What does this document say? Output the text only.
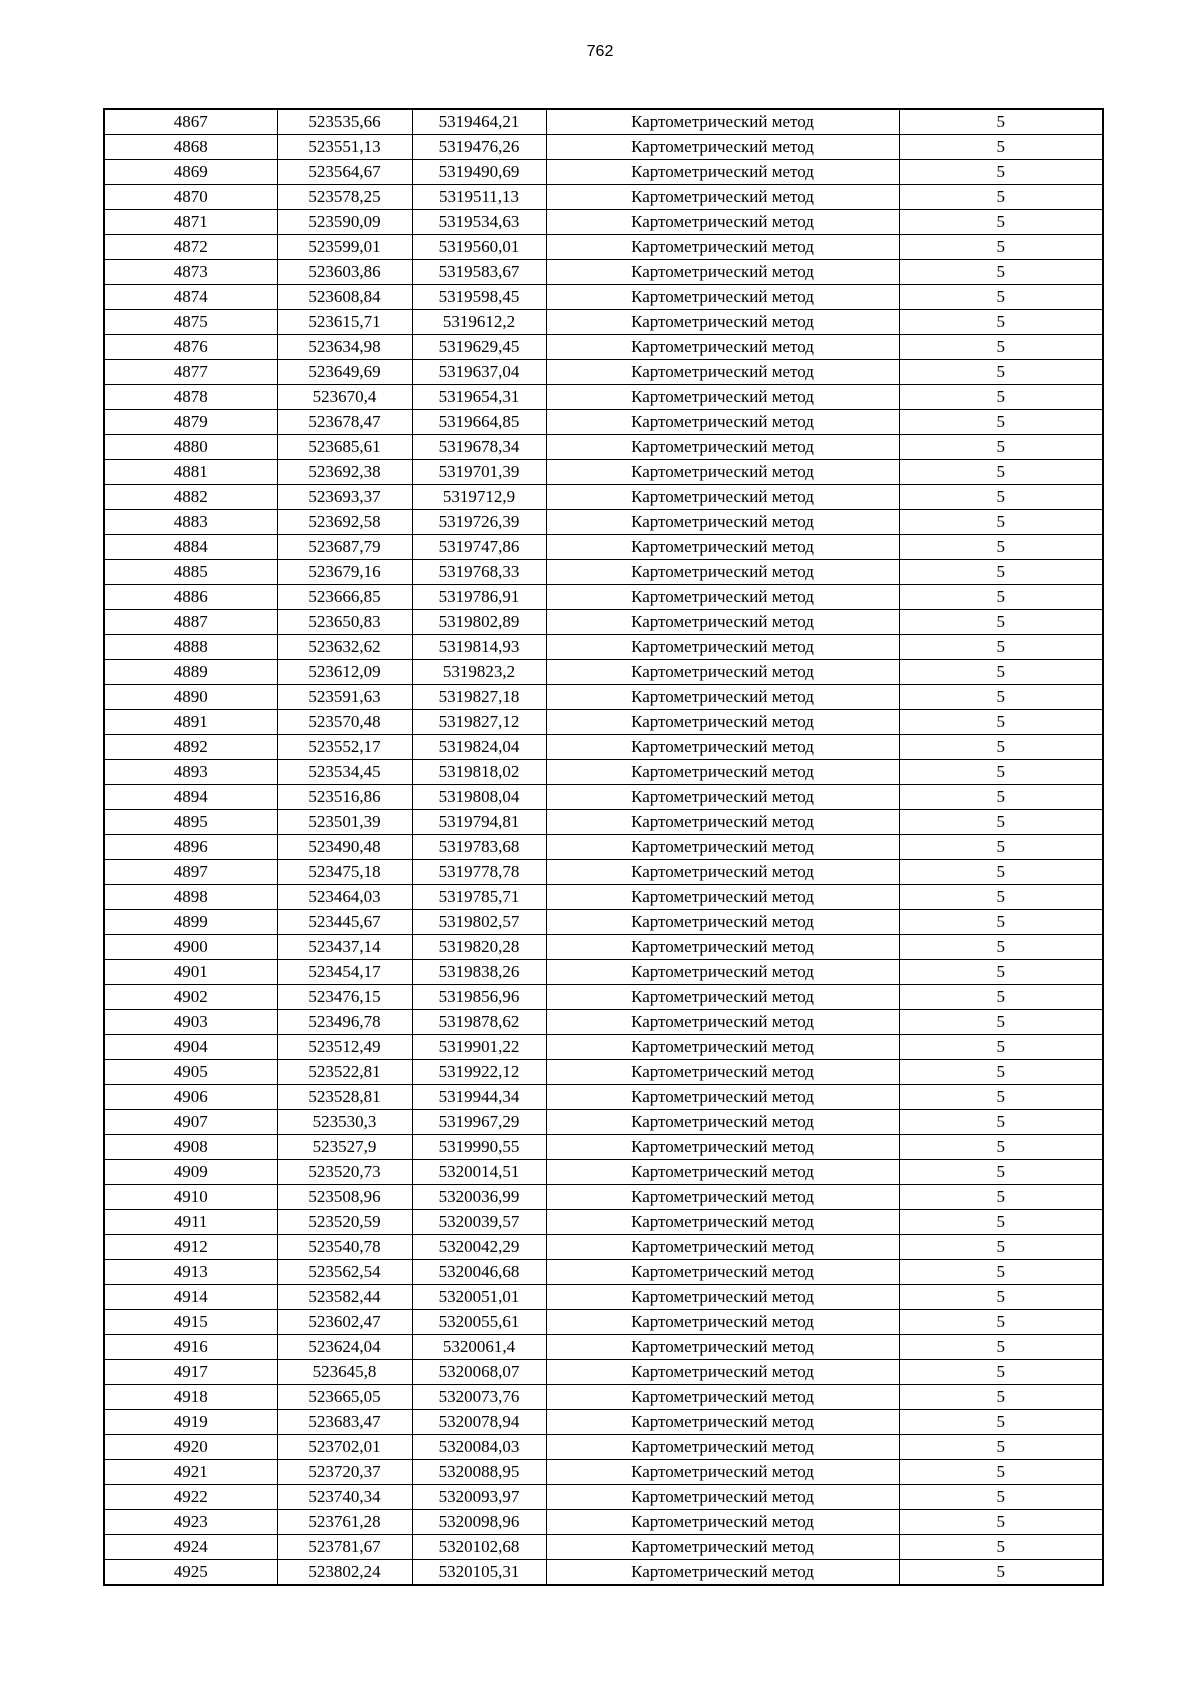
762
4867	523535,66	5319464,21	Картометрический метод	5
4868	523551,13	5319476,26	Картометрический метод	5
4869	523564,67	5319490,69	Картометрический метод	5
4870	523578,25	5319511,13	Картометрический метод	5
4871	523590,09	5319534,63	Картометрический метод	5
4872	523599,01	5319560,01	Картометрический метод	5
4873	523603,86	5319583,67	Картометрический метод	5
4874	523608,84	5319598,45	Картометрический метод	5
4875	523615,71	5319612,2	Картометрический метод	5
4876	523634,98	5319629,45	Картометрический метод	5
4877	523649,69	5319637,04	Картометрический метод	5
4878	523670,4	5319654,31	Картометрический метод	5
4879	523678,47	5319664,85	Картометрический метод	5
4880	523685,61	5319678,34	Картометрический метод	5
4881	523692,38	5319701,39	Картометрический метод	5
4882	523693,37	5319712,9	Картометрический метод	5
4883	523692,58	5319726,39	Картометрический метод	5
4884	523687,79	5319747,86	Картометрический метод	5
4885	523679,16	5319768,33	Картометрический метод	5
4886	523666,85	5319786,91	Картометрический метод	5
4887	523650,83	5319802,89	Картометрический метод	5
4888	523632,62	5319814,93	Картометрический метод	5
4889	523612,09	5319823,2	Картометрический метод	5
4890	523591,63	5319827,18	Картометрический метод	5
4891	523570,48	5319827,12	Картометрический метод	5
4892	523552,17	5319824,04	Картометрический метод	5
4893	523534,45	5319818,02	Картометрический метод	5
4894	523516,86	5319808,04	Картометрический метод	5
4895	523501,39	5319794,81	Картометрический метод	5
4896	523490,48	5319783,68	Картометрический метод	5
4897	523475,18	5319778,78	Картометрический метод	5
4898	523464,03	5319785,71	Картометрический метод	5
4899	523445,67	5319802,57	Картометрический метод	5
4900	523437,14	5319820,28	Картометрический метод	5
4901	523454,17	5319838,26	Картометрический метод	5
4902	523476,15	5319856,96	Картометрический метод	5
4903	523496,78	5319878,62	Картометрический метод	5
4904	523512,49	5319901,22	Картометрический метод	5
4905	523522,81	5319922,12	Картометрический метод	5
4906	523528,81	5319944,34	Картометрический метод	5
4907	523530,3	5319967,29	Картометрический метод	5
4908	523527,9	5319990,55	Картометрический метод	5
4909	523520,73	5320014,51	Картометрический метод	5
4910	523508,96	5320036,99	Картометрический метод	5
4911	523520,59	5320039,57	Картометрический метод	5
4912	523540,78	5320042,29	Картометрический метод	5
4913	523562,54	5320046,68	Картометрический метод	5
4914	523582,44	5320051,01	Картометрический метод	5
4915	523602,47	5320055,61	Картометрический метод	5
4916	523624,04	5320061,4	Картометрический метод	5
4917	523645,8	5320068,07	Картометрический метод	5
4918	523665,05	5320073,76	Картометрический метод	5
4919	523683,47	5320078,94	Картометрический метод	5
4920	523702,01	5320084,03	Картометрический метод	5
4921	523720,37	5320088,95	Картометрический метод	5
4922	523740,34	5320093,97	Картометрический метод	5
4923	523761,28	5320098,96	Картометрический метод	5
4924	523781,67	5320102,68	Картометрический метод	5
4925	523802,24	5320105,31	Картометрический метод	5
